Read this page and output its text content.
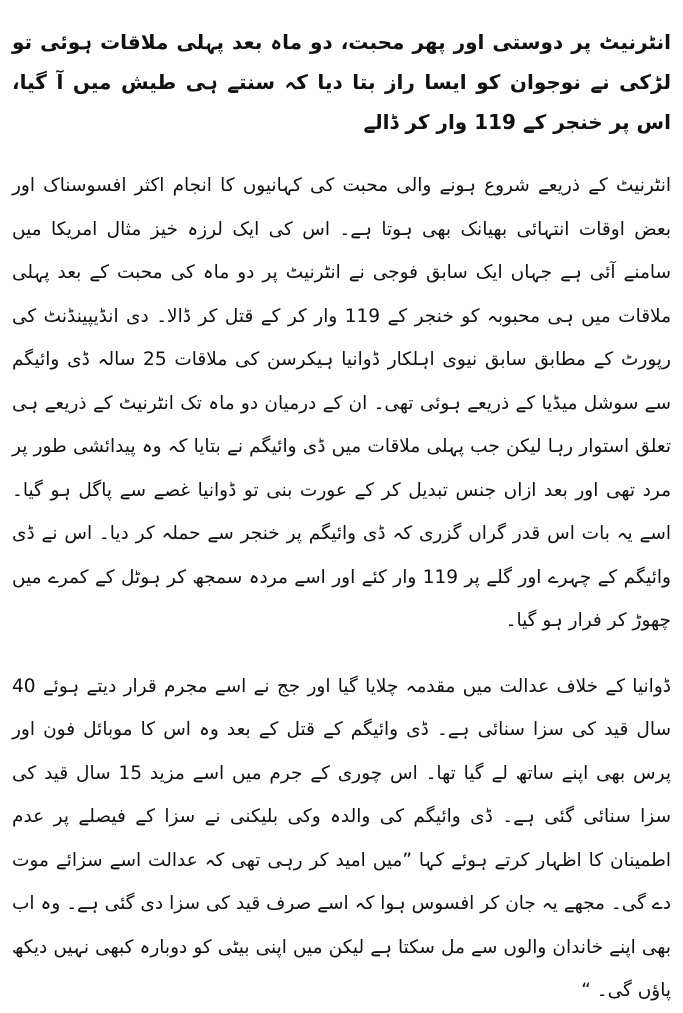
انٹرنیٹ پر دوستی اور پھر محبت، دو ماہ بعد پہلی ملاقات ہوئی تو لڑکی نے نوجوان کو ایسا راز بتا دیا کہ سنتے ہی طیش میں آ گیا، اس پر خنجر کے 119 وار کر ڈالے
انٹرنیٹ کے ذریعے شروع ہونے والی محبت کی کہانیوں کا انجام اکثر افسوسناک اور بعض اوقات انتہائی بھیانک بھی ہوتا ہے۔ اس کی ایک لرزہ خیز مثال امریکا میں سامنے آئی ہے جہاں ایک سابق فوجی نے انٹرنیٹ پر دو ماہ کی محبت کے بعد پہلی ملاقات میں ہی محبوبہ کو خنجر کے 119 وار کر کے قتل کر ڈالا۔ دی انڈیپینڈنٹ کی رپورٹ کے مطابق سابق نیوی اہلکار ڈوانیا ہیکرسن کی ملاقات 25 سالہ ڈی وائیگم سے سوشل میڈیا کے ذریعے ہوئی تھی۔ ان کے درمیان دو ماہ تک انٹرنیٹ کے ذریعے ہی تعلق استوار رہا لیکن جب پہلی ملاقات میں ڈی وائیگم نے بتایا کہ وہ پیدائشی طور پر مرد تھی اور بعد ازاں جنس تبدیل کر کے عورت بنی تو ڈوانیا غصے سے پاگل ہو گیا۔ اسے یہ بات اس قدر گراں گزری کہ ڈی وائیگم پر خنجر سے حملہ کر دیا۔ اس نے ڈی وائیگم کے چہرے اور گلے پر 119 وار کئے اور اسے مردہ سمجھ کر ہوٹل کے کمرے میں چھوڑ کر فرار ہو گیا۔
ڈوانیا کے خلاف عدالت میں مقدمہ چلایا گیا اور جج نے اسے مجرم قرار دیتے ہوئے 40 سال قید کی سزا سنائی ہے۔ ڈی وائیگم کے قتل کے بعد وہ اس کا موبائل فون اور پرس بھی اپنے ساتھ لے گیا تھا۔ اس چوری کے جرم میں اسے مزید 15 سال قید کی سزا سنائی گئی ہے۔ ڈی وائیگم کی والدہ وکی بلیکنی نے سزا کے فیصلے پر عدم اطمینان کا اظہار کرتے ہوئے کہا ”میں امید کر رہی تھی کہ عدالت اسے سزائے موت دے گی۔ مجھے یہ جان کر افسوس ہوا کہ اسے صرف قید کی سزا دی گئی ہے۔ وہ اب بھی اپنے خاندان والوں سے مل سکتا ہے لیکن میں اپنی بیٹی کو دوبارہ کبھی نہیں دیکھ پاﺅں گی۔ “
